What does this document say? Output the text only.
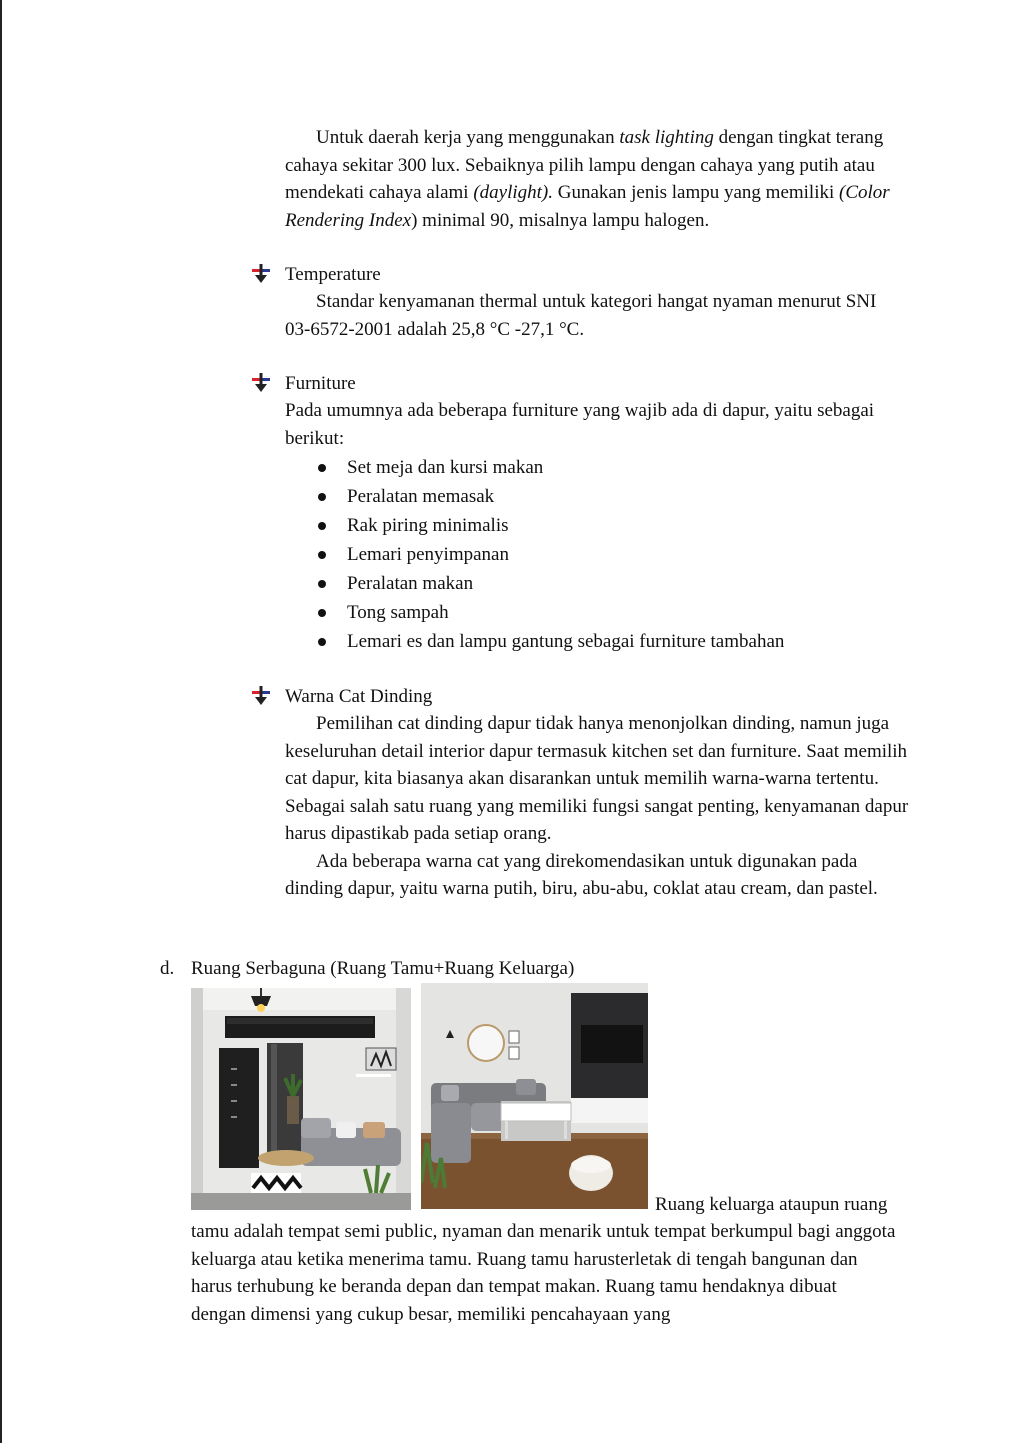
Untuk daerah kerja yang menggunakan task lighting dengan tingkat terang cahaya sekitar 300 lux. Sebaiknya pilih lampu dengan cahaya yang putih atau mendekati cahaya alami (daylight). Gunakan jenis lampu yang memiliki (Color Rendering Index) minimal 90, misalnya lampu halogen.

Temperature

Standar kenyamanan thermal untuk kategori hangat nyaman menurut SNI 03-6572-2001 adalah 25,8 °C -27,1 °C.

Furniture

Pada umumnya ada beberapa furniture yang wajib ada di dapur, yaitu sebagai berikut:

Set meja dan kursi makan
Peralatan memasak
Rak piring minimalis
Lemari penyimpanan
Peralatan makan
Tong sampah
Lemari es dan lampu gantung sebagai furniture tambahan
Warna Cat Dinding

Pemilihan cat dinding dapur tidak hanya menonjolkan dinding, namun juga keseluruhan detail interior dapur termasuk kitchen set dan furniture. Saat memilih cat dapur, kita biasanya akan disarankan untuk memilih warna-warna tertentu. Sebagai salah satu ruang yang memiliki fungsi sangat penting, kenyamanan dapur harus dipastikab pada setiap orang.

Ada beberapa warna cat yang direkomendasikan untuk digunakan pada dinding dapur, yaitu warna putih, biru, abu-abu, coklat atau cream, dan pastel.

d. Ruang Serbaguna (Ruang Tamu+Ruang Keluarga)
Ruang keluarga ataupun ruang

tamu adalah tempat semi public, nyaman dan menarik untuk tempat berkumpul bagi anggota keluarga atau ketika menerima tamu. Ruang tamu harusterletak di tengah bangunan dan harus terhubung ke beranda depan dan tempat makan. Ruang tamu hendaknya dibuat dengan dimensi yang cukup besar, memiliki pencahayaan yang
